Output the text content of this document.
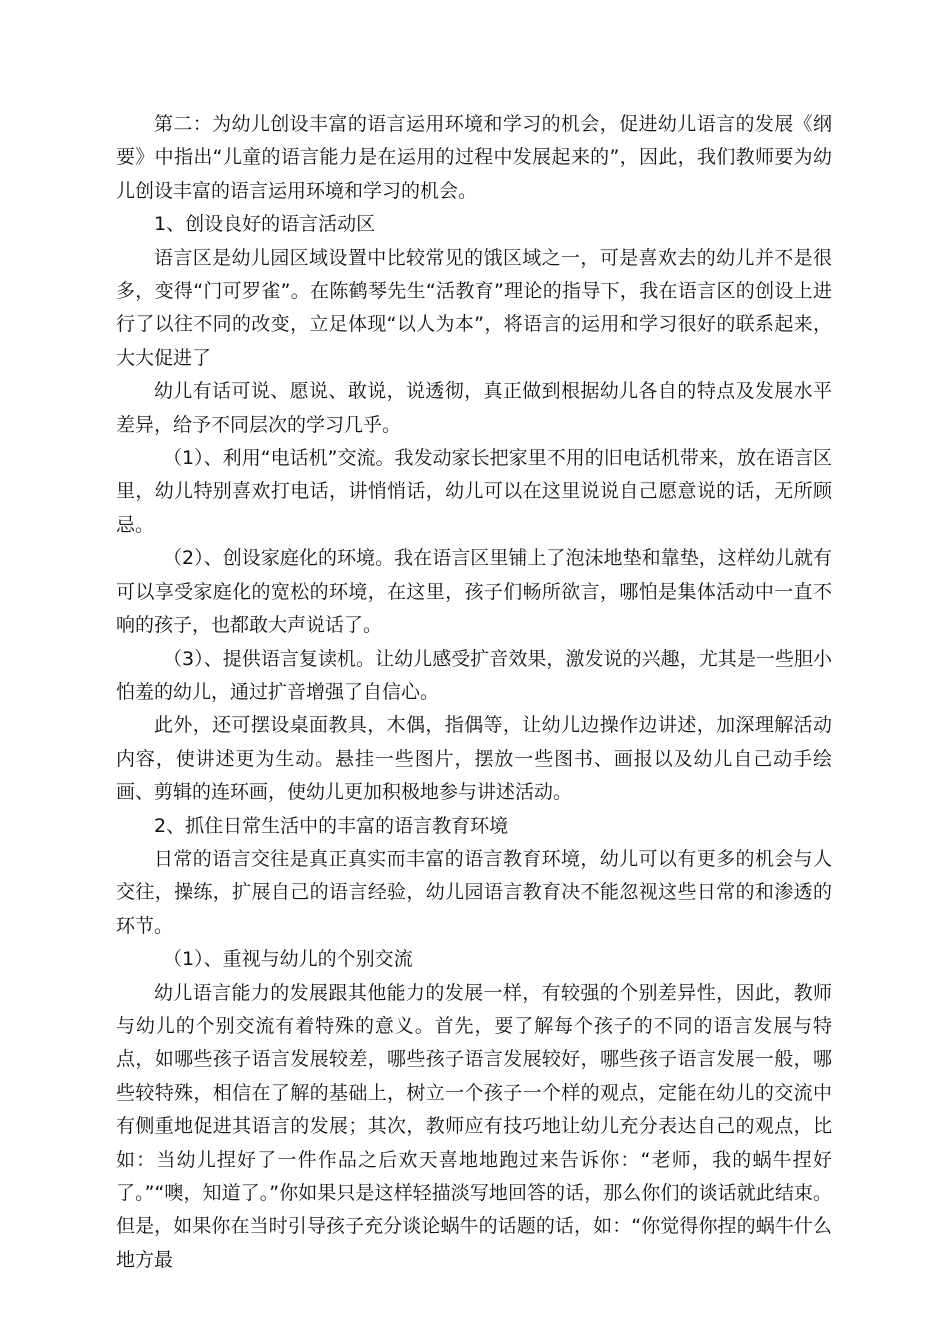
第二：为幼儿创设丰富的语言运用环境和学习的机会，促进幼儿语言的发展《纲要》中指出“儿童的语言能力是在运用的过程中发展起来的”，因此，我们教师要为幼儿创设丰富的语言运用环境和学习的机会。

1、创设良好的语言活动区

语言区是幼儿园区域设置中比较常见的饿区域之一，可是喜欢去的幼儿并不是很多，变得“门可罗雀”。在陈鹤琴先生“活教育”理论的指导下，我在语言区的创设上进行了以往不同的改变，立足体现“以人为本”，将语言的运用和学习很好的联系起来，大大促进了

幼儿有话可说、愿说、敢说，说透彻，真正做到根据幼儿各自的特点及发展水平差异，给予不同层次的学习几乎。

（1）、利用“电话机”交流。我发动家长把家里不用的旧电话机带来，放在语言区里，幼儿特别喜欢打电话，讲悄悄话，幼儿可以在这里说说自己愿意说的话，无所顾忌。

（2）、创设家庭化的环境。我在语言区里铺上了泡沫地垫和靠垫，这样幼儿就有可以享受家庭化的宽松的环境，在这里，孩子们畅所欲言，哪怕是集体活动中一直不响的孩子，也都敢大声说话了。

（3）、提供语言复读机。让幼儿感受扩音效果，激发说的兴趣，尤其是一些胆小怕羞的幼儿，通过扩音增强了自信心。

此外，还可摆设桌面教具，木偶，指偶等，让幼儿边操作边讲述，加深理解活动内容，使讲述更为生动。悬挂一些图片，摆放一些图书、画报以及幼儿自己动手绘画、剪辑的连环画，使幼儿更加积极地参与讲述活动。

2、抓住日常生活中的丰富的语言教育环境

日常的语言交往是真正真实而丰富的语言教育环境，幼儿可以有更多的机会与人交往，操练，扩展自己的语言经验，幼儿园语言教育决不能忽视这些日常的和渗透的环节。

（1）、重视与幼儿的个别交流

幼儿语言能力的发展跟其他能力的发展一样，有较强的个别差异性，因此，教师与幼儿的个别交流有着特殊的意义。首先，要了解每个孩子的不同的语言发展与特点，如哪些孩子语言发展较差，哪些孩子语言发展较好，哪些孩子语言发展一般，哪些较特殊，相信在了解的基础上，树立一个孩子一个样的观点，定能在幼儿的交流中有侧重地促进其语言的发展；其次，教师应有技巧地让幼儿充分表达自己的观点，比如：当幼儿捏好了一件作品之后欢天喜地地跑过来告诉你：“老师，我的蜗牛捏好了。”“噢，知道了。”你如果只是这样轻描淡写地回答的话，那么你们的谈话就此结束。但是，如果你在当时引导孩子充分谈论蜗牛的话题的话，如：“你觉得你捏的蜗牛什么地方最
